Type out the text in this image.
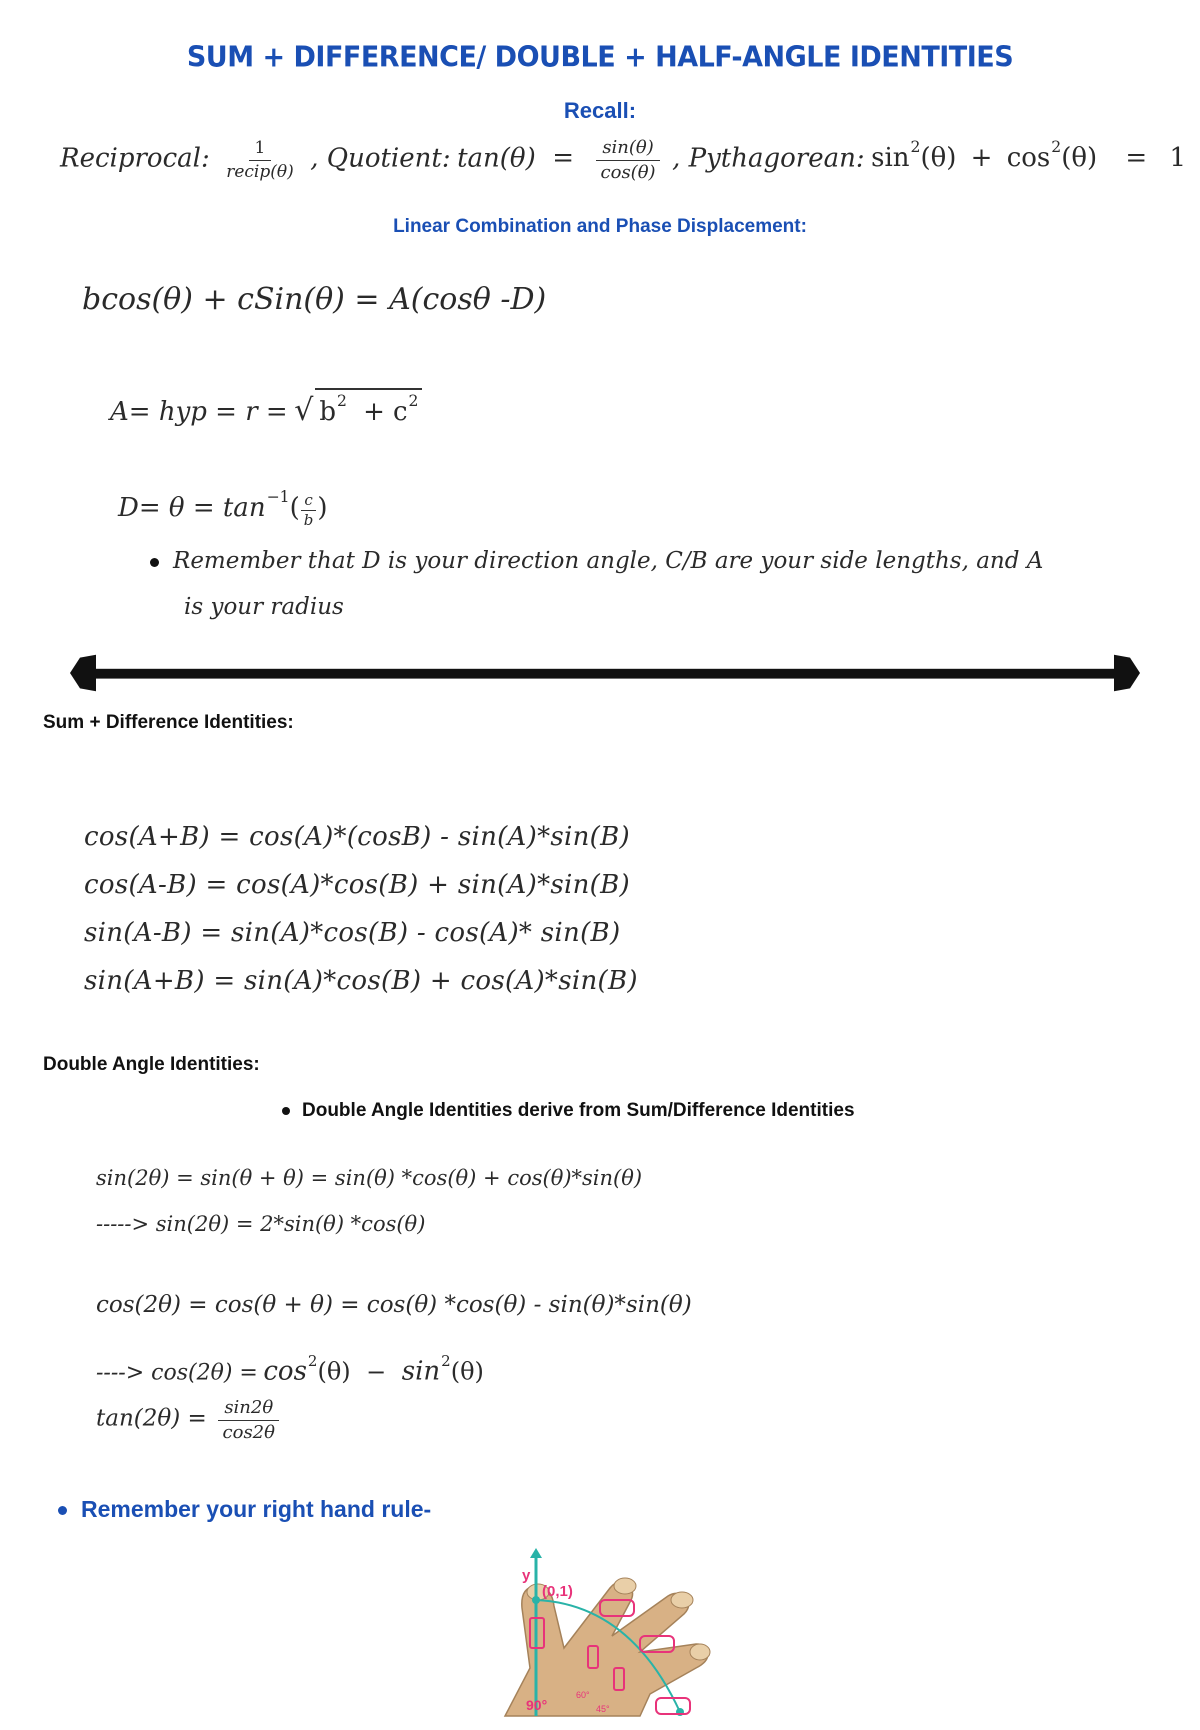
SUM + DIFFERENCE/ DOUBLE + HALF-ANGLE IDENTITIES
Recall:
Reciprocal: $\frac{1}{\text{recip(θ)}}$ , Quotient: $\tan(\theta) = \frac{\sin(\theta)}{\cos(\theta)}$ , Pythagorean: $\sin^2(\theta) + \cos^2(\theta) = 1$
Linear Combination and Phase Displacement:
bcos(θ) + cSin(θ) = A(cosθ -D)
A= hyp = r = √ $b^2 + c^2$
$D= \theta = \tan^{-1}( \frac{c}{b}$ )
Remember that D is your direction angle, C/B are your side lengths, and A
is your radius
Sum + Difference Identities:
cos(A+B) = cos(A)*(cosB) - sin(A)*sin(B)
cos(A-B) = cos(A)*cos(B) + sin(A)*sin(B)
sin(A-B) = sin(A)*cos(B) - cos(A)* sin(B)
sin(A+B) = sin(A)*cos(B) + cos(A)*sin(B)
Double Angle Identities:
Double Angle Identities derive from Sum/Difference Identities
sin(2θ) = sin(θ + θ) = sin(θ) *cos(θ) + cos(θ)*sin(θ)
-----> sin(2θ) = 2*sin(θ) *cos(θ)
cos(2θ) = cos(θ + θ) = cos(θ) *cos(θ) - sin(θ)*sin(θ)
----> $\cos(2\theta) = \cos^2(\theta) - \sin^2(\theta)$
$\tan(2\theta) = \frac{\sin 2\theta}{\cos 2\theta}$
Remember your right hand rule-
y
(0,1)
90°
60°
45°
